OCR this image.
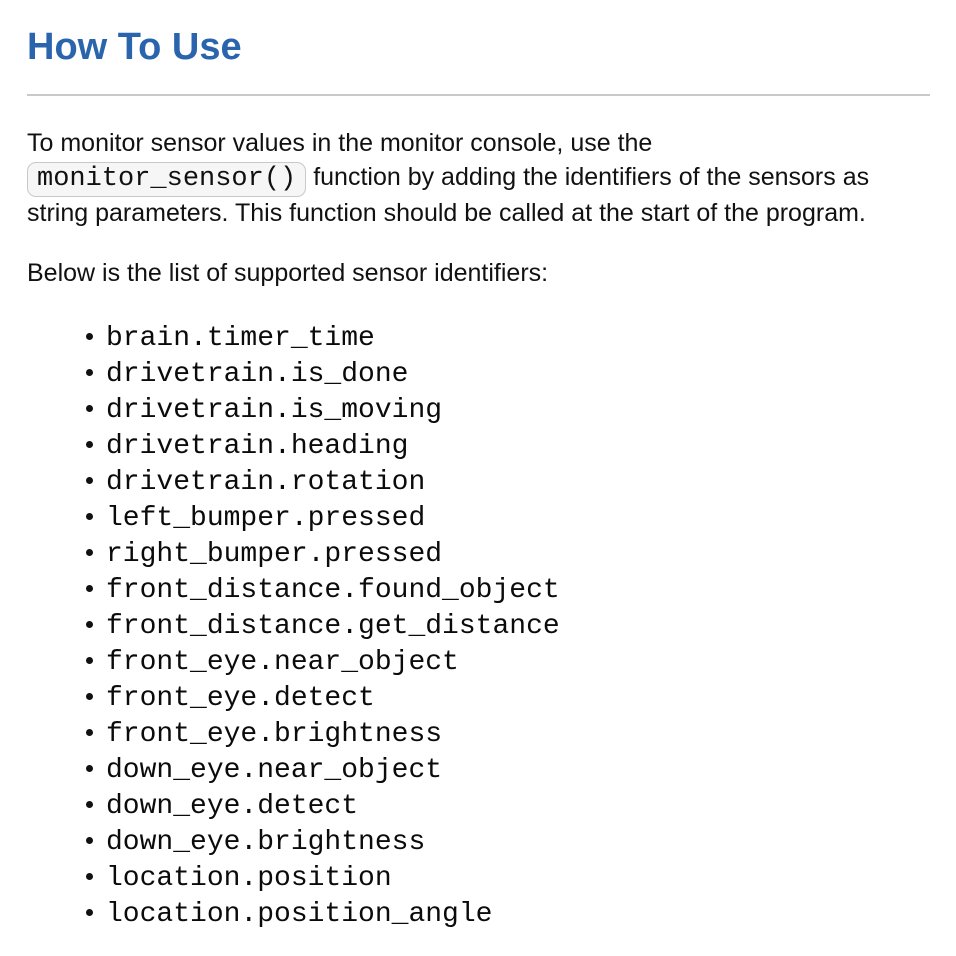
How To Use

To monitor sensor values in the monitor console, use the monitor_sensor() function by adding the identifiers of the sensors as string parameters. This function should be called at the start of the program.

Below is the list of supported sensor identifiers:

brain.timer_time
drivetrain.is_done
drivetrain.is_moving
drivetrain.heading
drivetrain.rotation
left_bumper.pressed
right_bumper.pressed
front_distance.found_object
front_distance.get_distance
front_eye.near_object
front_eye.detect
front_eye.brightness
down_eye.near_object
down_eye.detect
down_eye.brightness
location.position
location.position_angle
